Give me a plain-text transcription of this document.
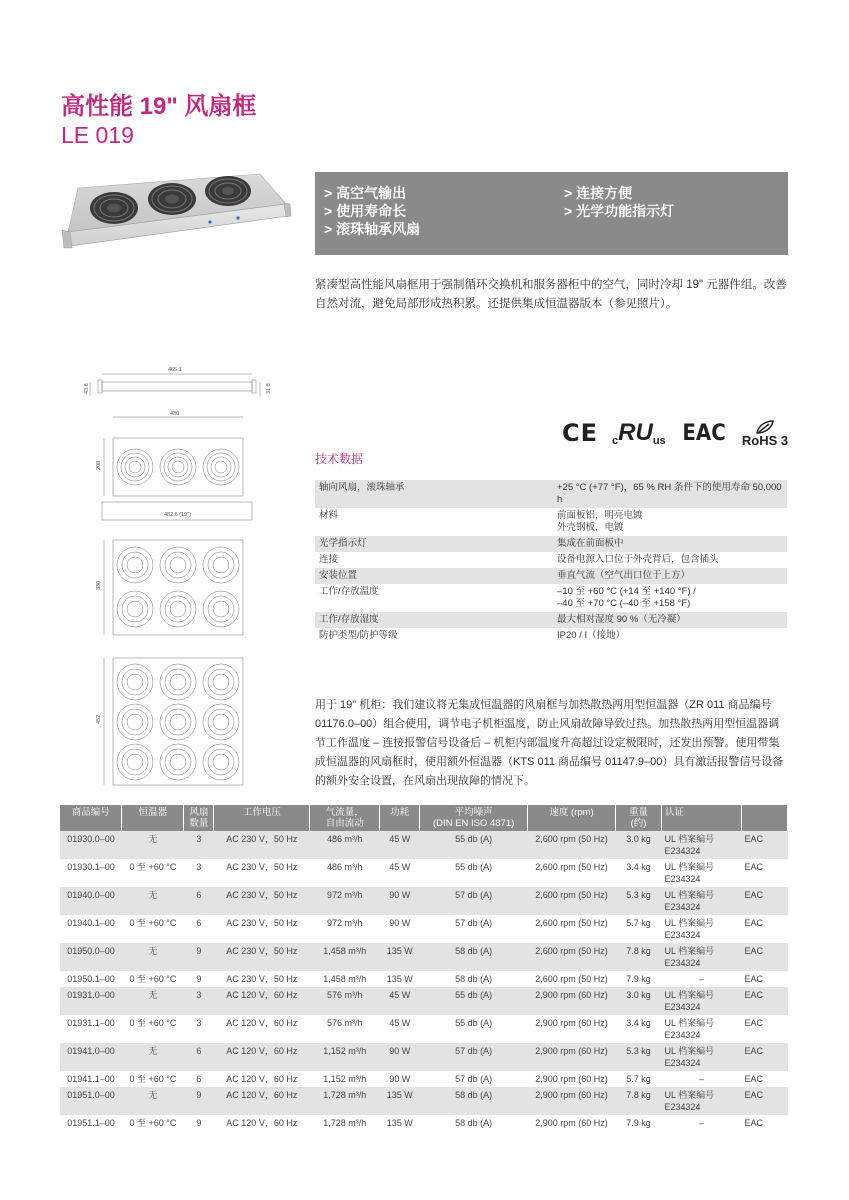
高性能 19" 风扇框
LE 019
> 高空气输出
> 使用寿命长
> 滚珠轴承风扇
> 连接方便
> 光学功能指示灯
紧凑型高性能风扇框用于强制循环交换机和服务器柜中的空气，同时冷却 19" 元器件组。改善自然对流，避免局部形成热积累。还提供集成恒温器版本（参见照片）。
465.1
43.6	31.8
430
208
482.6 (19")
330
452
CE c RU us EAC RoHS 3
技术数据
轴向风扇，滚珠轴承	+25 °C (+77 °F)，65 % RH 条件下的使用寿命 50,000 h
材料	前面板铝，明亮电镀
外壳钢板，电镀
光学指示灯	集成在前面板中
连接	设备电源入口位于外壳背后，包含插头
安装位置	垂直气流（空气出口位于上方）
工作/存放温度	–10 至 +60 °C (+14 至 +140 °F) /
–40 至 +70 °C (–40 至 +158 °F)
工作/存放湿度	最大相对湿度 90 %（无冷凝）
防护类型/防护等级	IP20 / I（接地）
用于 19" 机柜：我们建议将无集成恒温器的风扇框与加热散热两用型恒温器（ZR 011 商品编号 01176.0–00）组合使用，调节电子机柜温度，防止风扇故障导致过热。加热散热两用型恒温器调节工作温度 – 连接报警信号设备后 – 机柜内部温度升高超过设定极限时，还发出预警。使用带集成恒温器的风扇框时，使用额外恒温器（KTS 011 商品编号 01147.9–00）具有激活报警信号设备的额外安全设置，在风扇出现故障的情况下。
商品编号	恒温器	风扇
数量	工作电压	气流量，
自由流动	功耗	平均噪声
(DIN EN ISO 4871)	速度 (rpm)	重量
(约)	认证	
01930.0–00	无	3	AC 230 V，50 Hz	486 m³/h	45 W	55 db (A)	2,600 rpm (50 Hz)	3.0 kg	UL 档案编号
E234324	EAC
01930.1–00	0 至 +60 °C	3	AC 230 V，50 Hz	486 m³/h	45 W	55 db (A)	2,600 rpm (50 Hz)	3.4 kg	UL 档案编号
E234324	EAC
01940.0–00	无	6	AC 230 V，50 Hz	972 m³/h	90 W	57 db (A)	2,600 rpm (50 Hz)	5.3 kg	UL 档案编号
E234324	EAC
01940.1–00	0 至 +60 °C	6	AC 230 V，50 Hz	972 m³/h	90 W	57 db (A)	2,600 rpm (50 Hz)	5.7 kg	UL 档案编号
E234324	EAC
01950.0–00	无	9	AC 230 V，50 Hz	1,458 m³/h	135 W	58 db (A)	2,600 rpm (50 Hz)	7.8 kg	UL 档案编号
E234324	EAC
01950.1–00	0 至 +60 °C	9	AC 230 V，50 Hz	1,458 m³/h	135 W	58 db (A)	2,600 rpm (50 Hz)	7.9 kg	–	EAC
01931.0–00	无	3	AC 120 V，60 Hz	576 m³/h	45 W	55 db (A)	2,900 rpm (60 Hz)	3.0 kg	UL 档案编号
E234324	EAC
01931.1–00	0 至 +60 °C	3	AC 120 V，60 Hz	576 m³/h	45 W	55 db (A)	2,900 rpm (60 Hz)	3.4 kg	UL 档案编号
E234324	EAC
01941.0–00	无	6	AC 120 V，60 Hz	1,152 m³/h	90 W	57 db (A)	2,900 rpm (60 Hz)	5.3 kg	UL 档案编号
E234324	EAC
01941.1–00	0 至 +60 °C	6	AC 120 V，60 Hz	1,152 m³/h	90 W	57 db (A)	2,900 rpm (60 Hz)	5.7 kg	–	EAC
01951.0–00	无	9	AC 120 V，60 Hz	1,728 m³/h	135 W	58 db (A)	2,900 rpm (60 Hz)	7.8 kg	UL 档案编号
E234324	EAC
01951.1–00	0 至 +60 °C	9	AC 120 V，60 Hz	1,728 m³/h	135 W	58 db (A)	2,900 rpm (60 Hz)	7.9 kg	–	EAC
